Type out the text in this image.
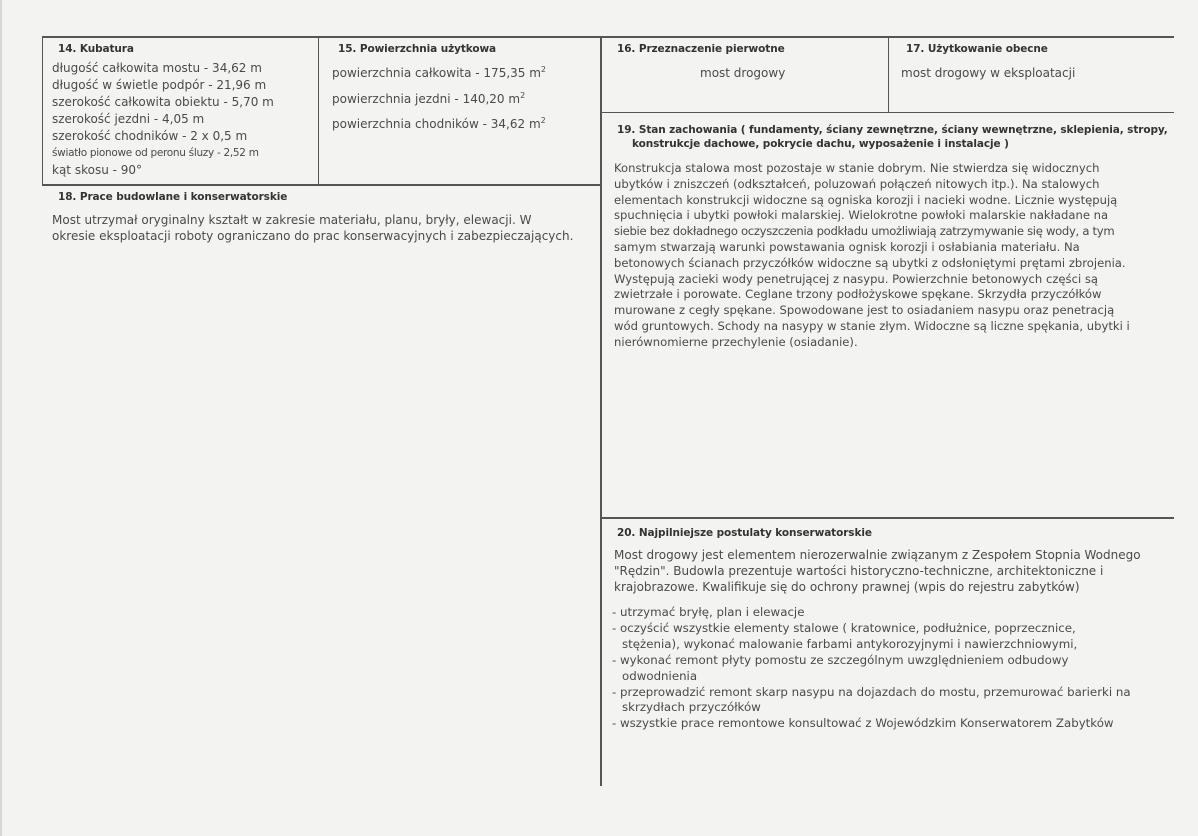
14. Kubatura
długość całkowita mostu - 34,62 m
długość w świetle podpór - 21,96 m
szerokość całkowita obiektu - 5,70 m
szerokość jezdni - 4,05 m
szerokość chodników - 2 x 0,5 m
światło pionowe od peronu śluzy - 2,52 m
kąt skosu - 90°
15. Powierzchnia użytkowa
powierzchnia całkowita - 175,35 $m^2$
powierzchnia jezdni - 140,20 $m^2$
powierzchnia chodników - 34,62 $m^2$
16. Przeznaczenie pierwotne
most drogowy
17. Użytkowanie obecne
most drogowy w eksploatacji
18. Prace budowlane i konserwatorskie
Most utrzymał oryginalny kształt w zakresie materiału, planu, bryły, elewacji. W
okresie eksploatacji roboty ograniczano do prac konserwacyjnych i zabezpieczających.
19. Stan zachowania ( fundamenty, ściany zewnętrzne, ściany wewnętrzne, sklepienia, stropy,
konstrukcje dachowe, pokrycie dachu, wyposażenie i instalacje )
Konstrukcja stalowa most pozostaje w stanie dobrym. Nie stwierdza się widocznych
ubytków i zniszczeń (odkształceń, poluzowań połączeń nitowych itp.). Na stalowych
elementach konstrukcji widoczne są ogniska korozji i nacieki wodne. Licznie występują
spuchnięcia i ubytki powłoki malarskiej. Wielokrotne powłoki malarskie nakładane na
siebie bez dokładnego oczyszczenia podkładu umożliwiają zatrzymywanie się wody, a tym
samym stwarzają warunki powstawania ognisk korozji i osłabiania materiału. Na
betonowych ścianach przyczółków widoczne są ubytki z odsłoniętymi prętami zbrojenia.
Występują zacieki wody penetrującej z nasypu. Powierzchnie betonowych części są
zwietrzałe i porowate. Ceglane trzony podłożyskowe spękane. Skrzydła przyczółków
murowane z cegły spękane. Spowodowane jest to osiadaniem nasypu oraz penetracją
wód gruntowych. Schody na nasypy w stanie złym. Widoczne są liczne spękania, ubytki i
nierównomierne przechylenie (osiadanie).
20. Najpilniejsze postulaty konserwatorskie
Most drogowy jest elementem nierozerwalnie związanym z Zespołem Stopnia Wodnego
"Rędzin". Budowla prezentuje wartości historyczno-techniczne, architektoniczne i
krajobrazowe. Kwalifikuje się do ochrony prawnej (wpis do rejestru zabytków)
- utrzymać bryłę, plan i elewacje
- oczyścić wszystkie elementy stalowe ( kratownice, podłużnice, poprzecznice,
stężenia), wykonać malowanie farbami antykorozyjnymi i nawierzchniowymi,
- wykonać remont płyty pomostu ze szczególnym uwzględnieniem odbudowy
odwodnienia
- przeprowadzić remont skarp nasypu na dojazdach do mostu, przemurować barierki na
skrzydłach przyczółków
- wszystkie prace remontowe konsultować z Wojewódzkim Konserwatorem Zabytków
